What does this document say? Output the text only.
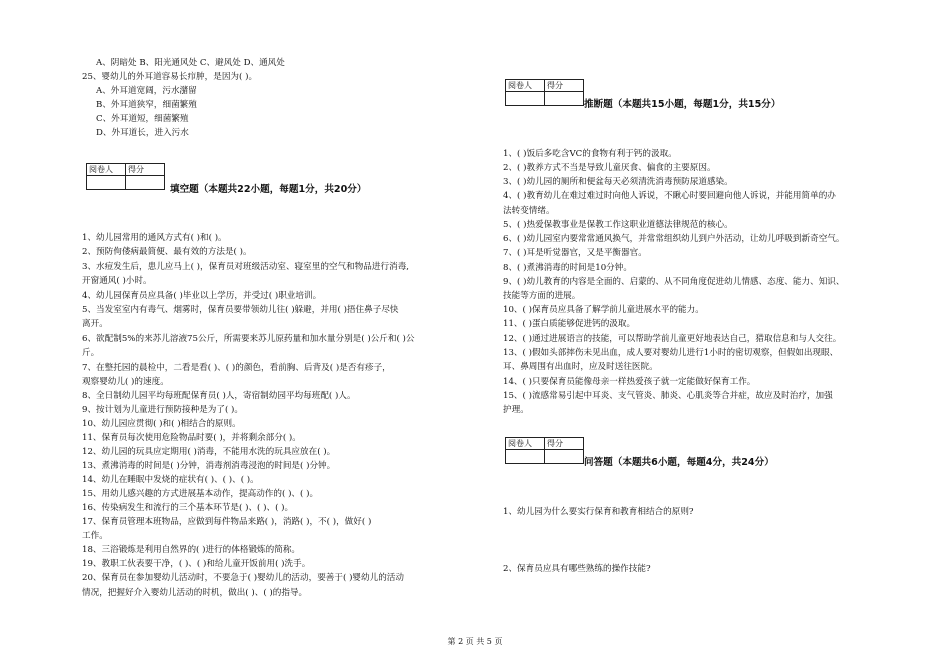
A、阴暗处 B、阳光通风处 C、避风处 D、通风处
25、婴幼儿的外耳道容易长疖肿，是因为( )。
A、外耳道宽阔，污水潴留
B、外耳道狭窄，细菌繁殖
C、外耳道短，细菌繁殖
D、外耳道长，进入污水
阅卷人	得分

填空题（本题共22小题，每题1分，共20分）
1、幼儿园常用的通风方式有( )和( )。
2、预防佝偻病最简便、最有效的方法是( )。
3、水痘发生后，患儿应马上( )，保育员对班级活动室、寝室里的空气和物品进行消毒,
开窗通风( )小时。
4、幼儿园保育员应具备( )毕业以上学历，并受过( )职业培训。
5、当发室室内有毒气、烟雾时，保育员要带领幼儿往( )躲避，并用( )捂住鼻子尽快
离开。
6、欲配制5%的来苏儿溶液75公斤，所需要来苏儿原药量和加水量分别是( )公斤和( )公
斤。
7、在整托园的晨检中，二看是看( )、( )的颜色，看前胸、后背及( )是否有疹子，
观察婴幼儿( )的速度。
8、全日制幼儿园平均每班配保育员( )人，寄宿制幼园平均每班配( )人。
9、按计划为儿童进行预防接种是为了( )。
10、幼儿园应贯彻( )和( )相结合的原则。
11、保育员每次使用危险物品时要( )，并将剩余部分( )。
12、幼儿园的玩具应定期用( )消毒，不能用水洗的玩具应放在( )。
13、煮沸消毒的时间是( )分钟，消毒剂消毒浸泡的时间是( )分钟。
14、幼儿在睡眠中发烧的症状有( )、( )、( )。
15、用幼儿感兴趣的方式进展基本动作，提高动作的( )、( )。
16、传染病发生和流行的三个基本环节是( )、( )、( )。
17、保育员管理本班物品，应做到每件物品来路( )，消路( )，不( )，做好( )
工作。
18、三浴锻炼是利用自然界的( )进行的体格锻炼的简称。
19、教职工伙表要干净，( )、( )和给儿童开饭前用( )洗手。
20、保育员在参加婴幼儿活动时，不要急于( )婴幼儿的活动，要善于( )婴幼儿的活动
情况，把握好介入婴幼儿活动的时机，做出( )、( )的指导。
阅卷人	得分

推断题（本题共15小题，每题1分，共15分）
1、( )饭后多吃含VC的食物有利于钙的汲取。
2、( )教养方式不当是导致儿童厌食、偏食的主要原因。
3、( )幼儿园的厕所和便盆每天必须清洗消毒预防尿道感染。
4、( )教育幼儿在难过难过时向他人诉说，不瞅心时要回避向他人诉说，并能用简单的办
法转变情绪。
5、( )热爱保教事业是保教工作这职业道德法律规范的核心。
6、( )幼儿园室内要常常通风换气，并常常组织幼儿到户外活动，让幼儿呼吸到新奇空气。
7、( )耳是听觉器官，又是平衡器官。
8、( )煮沸消毒的时间是10分钟。
9、( )幼儿教育的内容是全面的、启蒙的、从不同角度促进幼儿情感、态度、能力、知识、
技能等方面的进展。
10、( )保育员应具备了解学前儿童进展水平的能力。
11、( )蛋白质能够促进钙的汲取。
12、( )通过进展语言的技能，可以帮助学前儿童更好地表达自己，猎取信息和与人交往。
13、( )假如头部摔伤未见出血，成人要对婴幼儿进行1小时的密切观察，但假如出现眼、
耳、鼻周围有出血时，应及时送往医院。
14、( )只要保育员能像母亲一样热爱孩子就一定能做好保育工作。
15、( )流感常易引起中耳炎、支气管炎、肺炎、心肌炎等合并症，故应及时治疗，加强
护理。
阅卷人	得分

问答题（本题共6小题，每题4分，共24分）
1、幼儿园为什么要实行保育和教育相结合的原则?
2、保育员应具有哪些熟练的操作技能?
第 2 页 共 5 页
